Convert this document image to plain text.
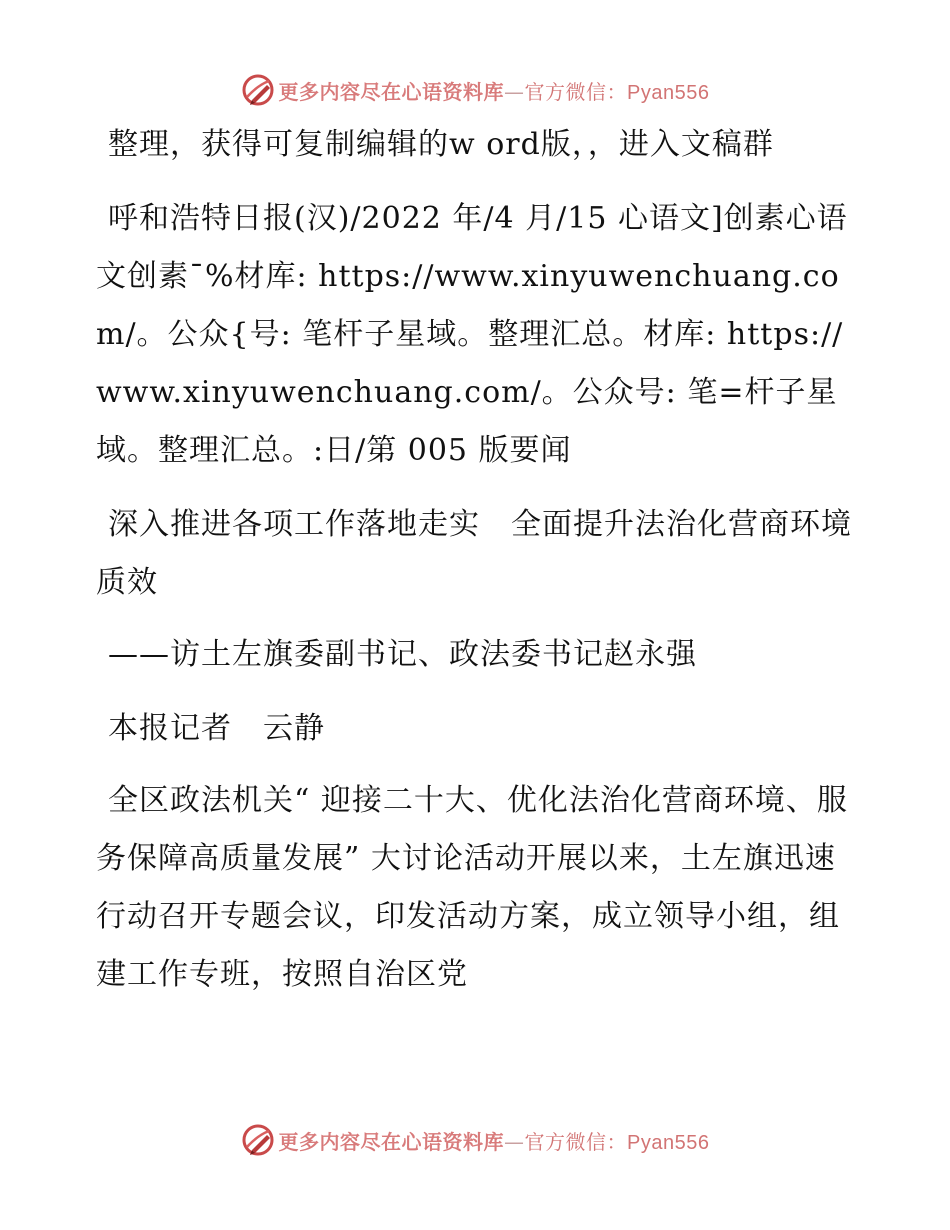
更多内容尽在心语资料库—官方微信：Pyan556

整理，获得可复制编辑的w ord版，，进入文稿群

呼和浩特日报(汉)/2022 年/4 月/15 心语文]创素心语文创素¯%材库: https://www.xinyuwenchuang.com/。公众{号: 笔杆子星域。整理汇总。材库: https://www.xinyuwenchuang.com/。公众号: 笔=杆子星域。整理汇总。:日/第 005 版要闻

深入推进各项工作落地走实　全面提升法治化营商环境质效

——访土左旗委副书记、政法委书记赵永强

本报记者　云静

全区政法机关“ 迎接二十大、优化法治化营商环境、服务保障高质量发展” 大讨论活动开展以来，土左旗迅速行动召开专题会议，印发活动方案，成立领导小组，组建工作专班，按照自治区党

更多内容尽在心语资料库—官方微信：Pyan556
